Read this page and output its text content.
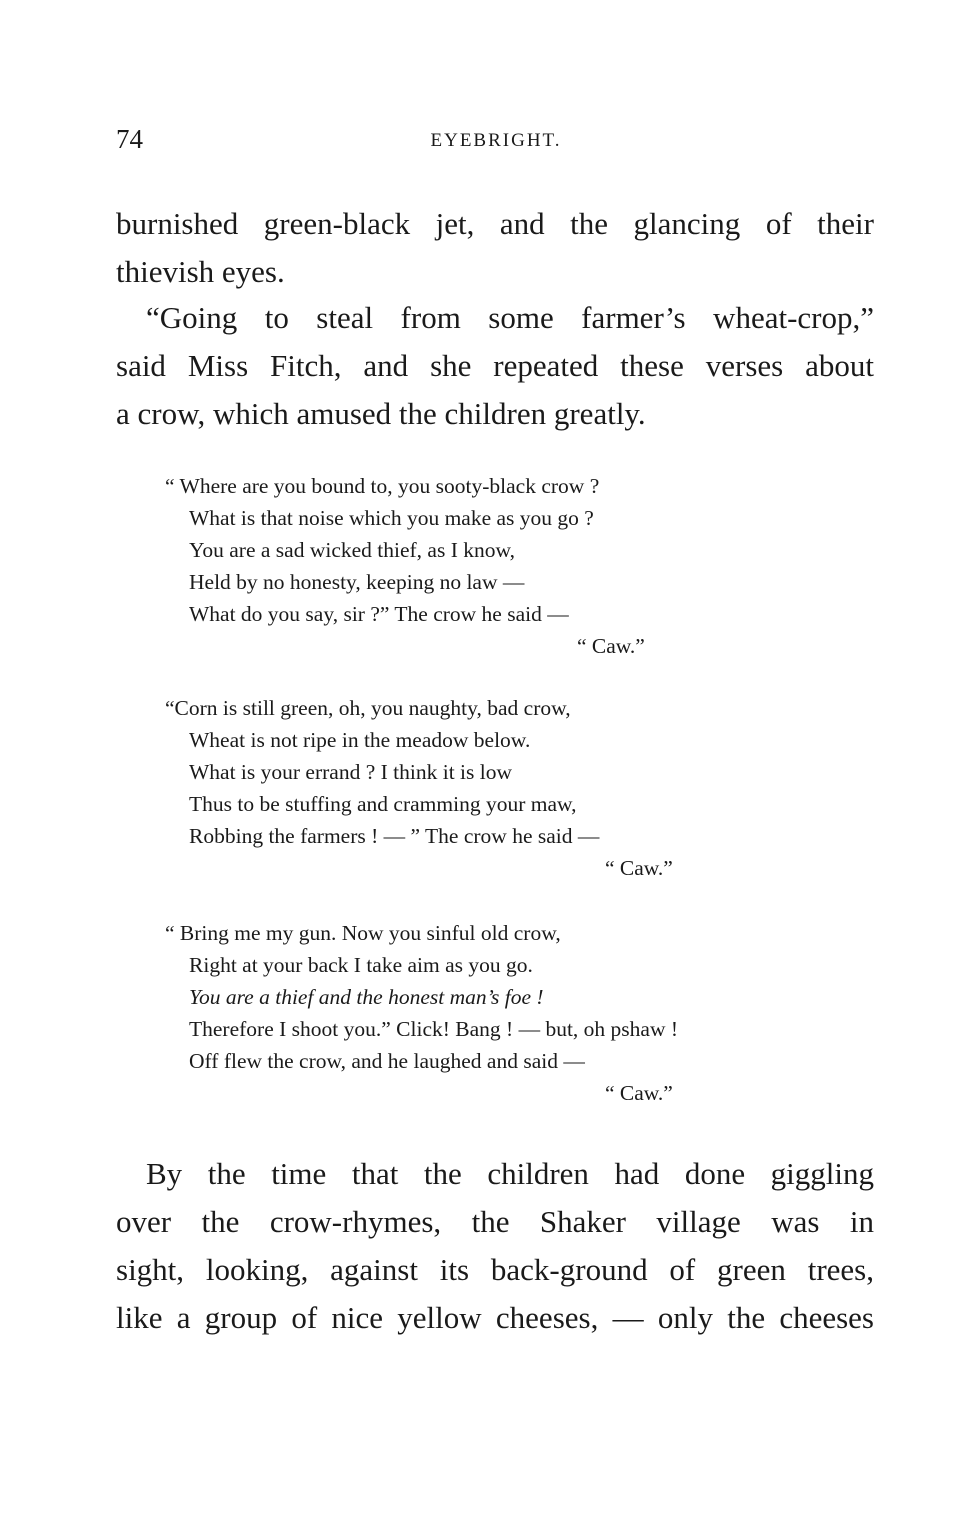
74	EYEBRIGHT.
burnished green-black jet, and the glancing of their
thievish eyes.
“Going to steal from some farmer’s wheat-crop,”
said Miss Fitch, and she repeated these verses about
a crow, which amused the children greatly.
“ Where are you bound to, you sooty-black crow ?
What is that noise which you make as you go ?
You are a sad wicked thief, as I know,
Held by no honesty, keeping no law —
What do you say, sir ?” The crow he said —
“ Caw.”
“Corn is still green, oh, you naughty, bad crow,
Wheat is not ripe in the meadow below.
What is your errand ? I think it is low
Thus to be stuffing and cramming your maw,
Robbing the farmers ! — ” The crow he said —
“ Caw.”
“ Bring me my gun. Now you sinful old crow,
Right at your back I take aim as you go.
You are a thief and the honest man’s foe !
Therefore I shoot you.” Click! Bang ! — but, oh pshaw !
Off flew the crow, and he laughed and said —
“ Caw.”
By the time that the children had done giggling
over the crow-rhymes, the Shaker village was in
sight, looking, against its back-ground of green trees,
like a group of nice yellow cheeses, — only the cheeses
